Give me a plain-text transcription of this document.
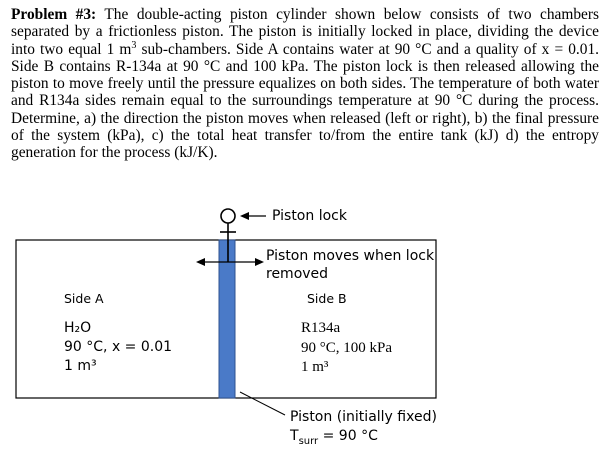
Problem #3: The double-acting piston cylinder shown below consists of two chambers separated by a frictionless piston. The piston is initially locked in place, dividing the device into two equal 1 $m^3$ sub-chambers. Side A contains water at 90 °C and a quality of x = 0.01. Side B contains R-134a at 90 °C and 100 kPa. The piston lock is then released allowing the piston to move freely until the pressure equalizes on both sides. The temperature of both water and R134a sides remain equal to the surroundings temperature at 90 °C during the process. Determine, a) the direction the piston moves when released (left or right), b) the final pressure of the system (kPa), c) the total heat transfer to/from the entire tank (kJ) d) the entropy generation for the process (kJ/K).

Piston lock
Piston moves when lock
removed
Side A
H₂O
90 °C, x = 0.01
1 m³
Side B
R134a
90 °C, 100 kPa
1 m³
Piston (initially fixed)
$T_{surr} = 90$ °C
